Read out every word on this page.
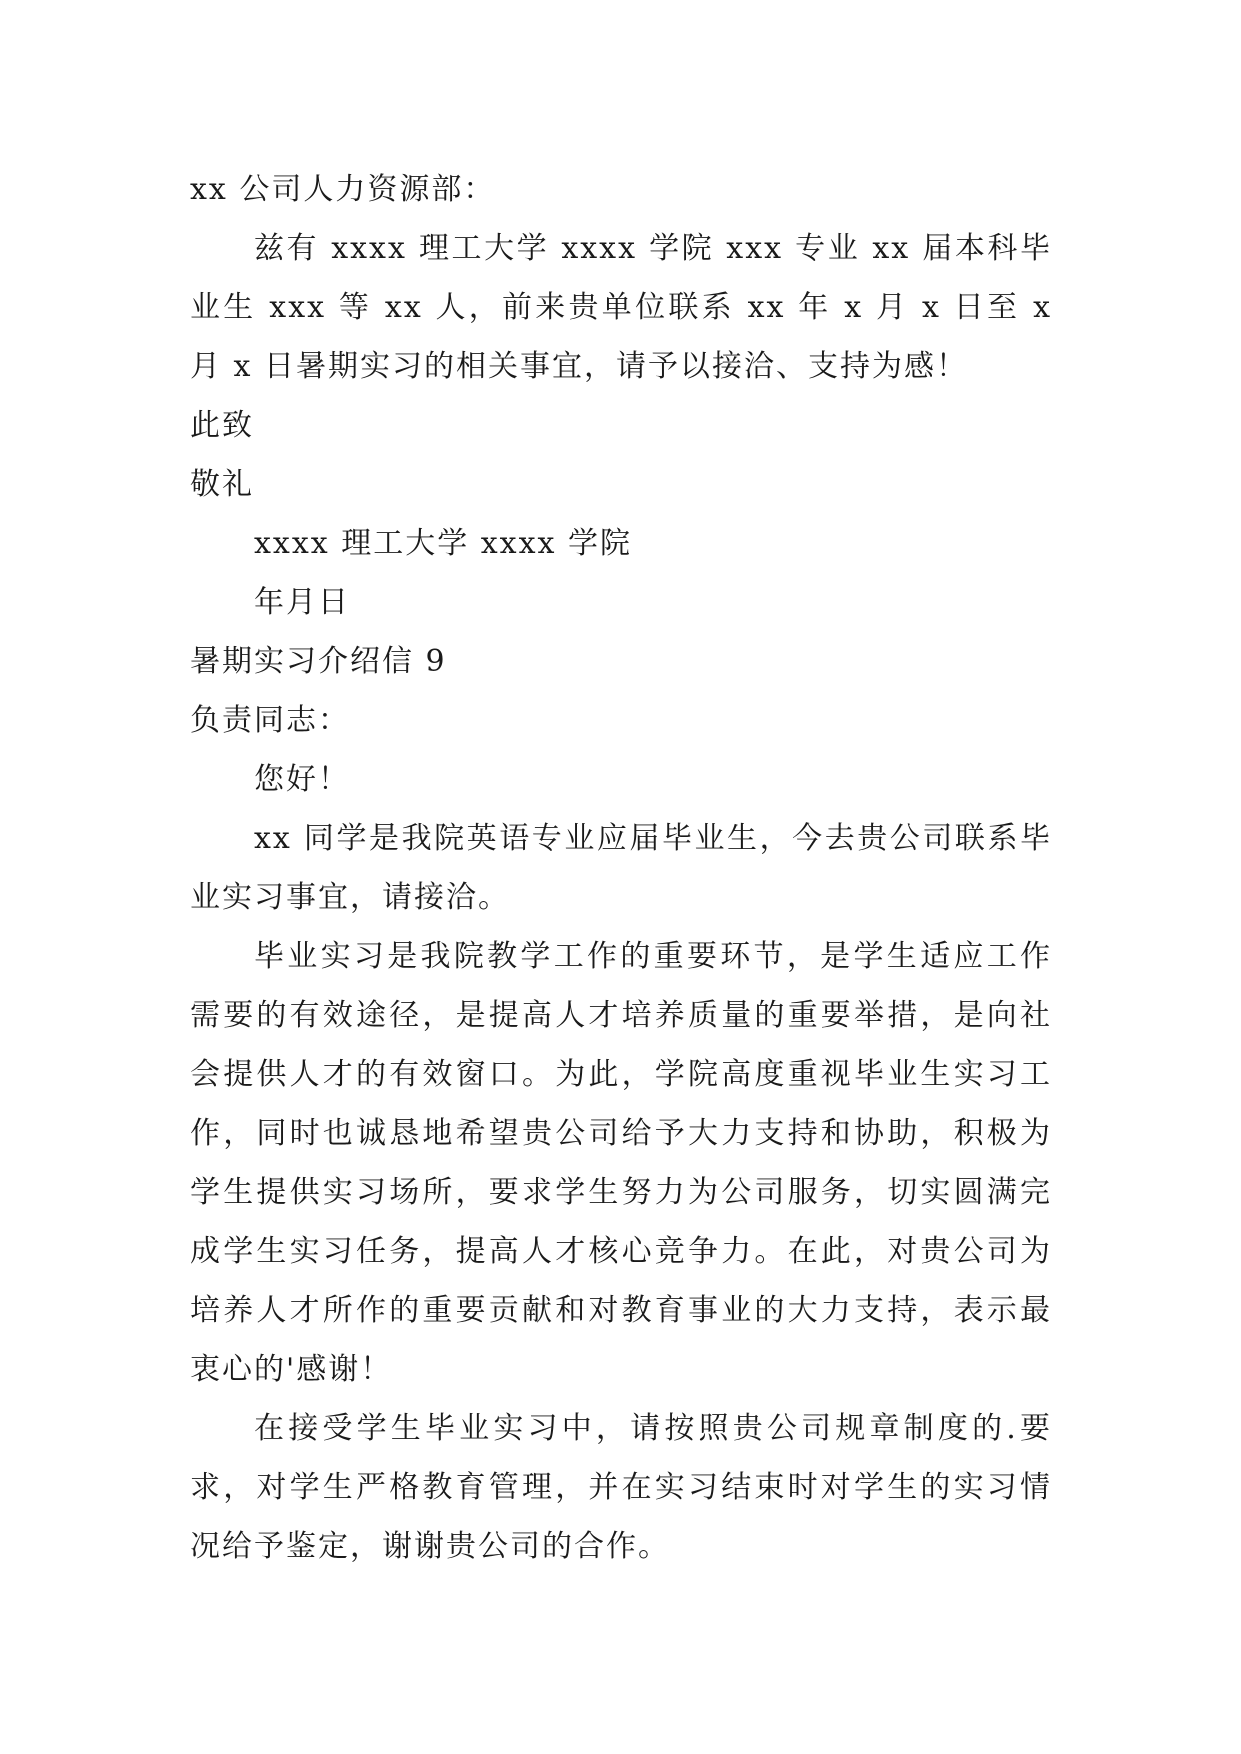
xx 公司人力资源部：

兹有 xxxx 理工大学 xxxx 学院 xxx 专业 xx 届本科毕业生 xxx 等 xx 人，前来贵单位联系 xx 年 x 月 x 日至 x 月 x 日暑期实习的相关事宜，请予以接洽、支持为感！

此致

敬礼

xxxx 理工大学 xxxx 学院

年月日

暑期实习介绍信 9

负责同志：

您好！

xx 同学是我院英语专业应届毕业生，今去贵公司联系毕业实习事宜，请接洽。

毕业实习是我院教学工作的重要环节，是学生适应工作需要的有效途径，是提高人才培养质量的重要举措，是向社会提供人才的有效窗口。为此，学院高度重视毕业生实习工作，同时也诚恳地希望贵公司给予大力支持和协助，积极为学生提供实习场所，要求学生努力为公司服务，切实圆满完成学生实习任务，提高人才核心竞争力。在此，对贵公司为培养人才所作的重要贡献和对教育事业的大力支持，表示最衷心的'感谢！

在接受学生毕业实习中，请按照贵公司规章制度的.要求，对学生严格教育管理，并在实习结束时对学生的实习情况给予鉴定，谢谢贵公司的合作。
